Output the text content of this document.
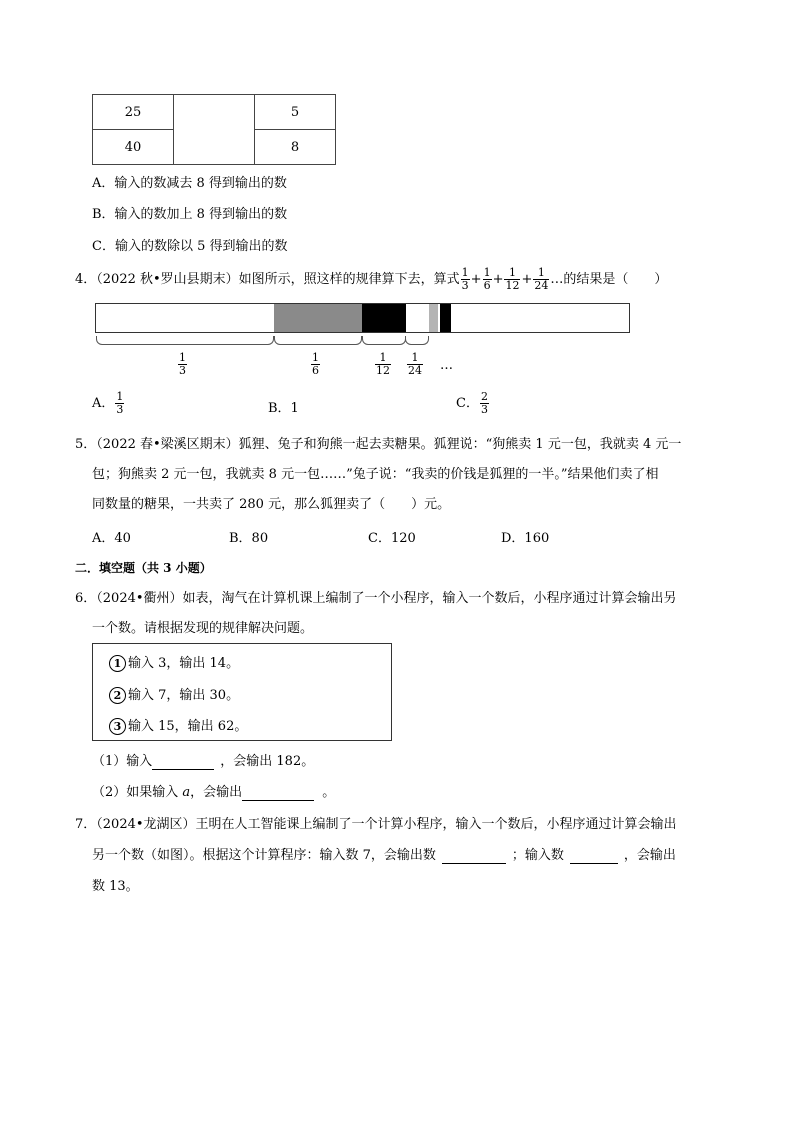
25		5
40		8
A．输入的数减去 8 得到输出的数
B．输入的数加上 8 得到输出的数
C．输入的数除以 5 得到输出的数
4．（2022 秋•罗山县期末）如图所示，照这样的规律算下去，算式 $\frac{1}{3} + \frac{1}{6} + \frac{1}{12} + \frac{1}{24}$ …的结果是（　　）
$\frac{1}{3}$	$\frac{1}{6}$	$\frac{1}{12} \frac{1}{24}$ …
A． $\frac{1}{3}$	B．1	C． $\frac{2}{3}$
5．（2022 春•梁溪区期末）狐狸、兔子和狗熊一起去卖糖果。狐狸说：“狗熊卖 1 元一包，我就卖 4 元一
包；狗熊卖 2 元一包，我就卖 8 元一包……”兔子说：“我卖的价钱是狐狸的一半。”结果他们卖了相
同数量的糖果，一共卖了 280 元，那么狐狸卖了（　　）元。
A．40	B．80	C．120	D．160
二．填空题（共 3 小题）
6．（2024•衢州）如表，淘气在计算机课上编制了一个小程序，输入一个数后，小程序通过计算会输出另
一个数。请根据发现的规律解决问题。
1 输入 3，输出 14。
2 输入 7，输出 30。
3 输入 15，输出 62。
（1）输入	，会输出 182。
（2）如果输入 a，会输出	。
7．（2024•龙湖区）王明在人工智能课上编制了一个计算小程序，输入一个数后，小程序通过计算会输出
另一个数（如图）。根据这个计算程序：输入数 7，会输出数	；输入数	，会输出
数 13。
